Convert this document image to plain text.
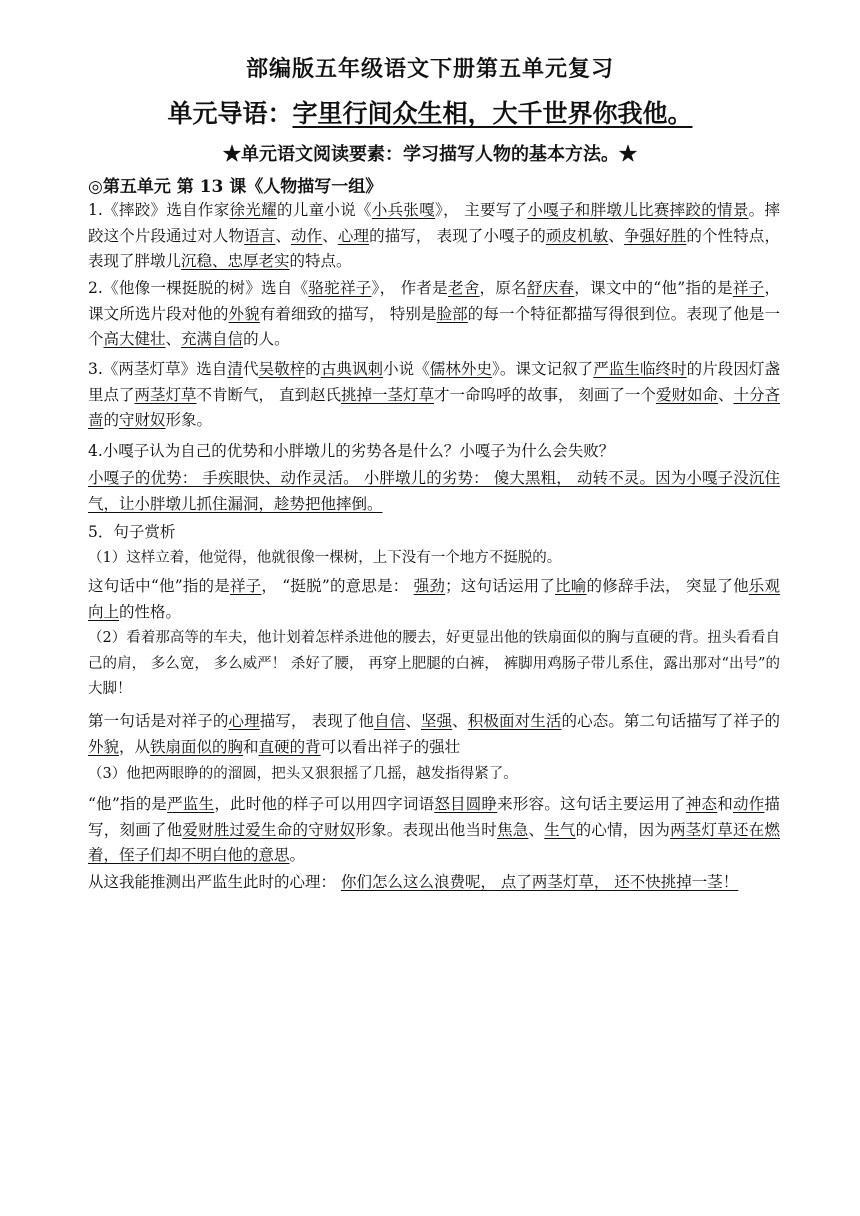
部编版五年级语文下册第五单元复习
单元导语：字里行间众生相，大千世界你我他。
★单元语文阅读要素：学习描写人物的基本方法。★
◎第五单元 第 13 课《人物描写一组》
1.《摔跤》选自作家徐光耀的儿童小说《小兵张嘎》， 主要写了小嘎子和胖墩儿比赛摔跤的情景。摔跤这个片段通过对人物语言、动作、心理的描写， 表现了小嘎子的顽皮机敏、争强好胜的个性特点，表现了胖墩儿沉稳、忠厚老实的特点。
2.《他像一棵挺脱的树》选自《骆驼祥子》， 作者是老舍，原名舒庆春，课文中的“他”指的是祥子，课文所选片段对他的外貌有着细致的描写， 特别是脸部的每一个特征都描写得很到位。表现了他是一个高大健壮、充满自信的人。
3.《两茎灯草》选自清代吴敬梓的古典讽刺小说《儒林外史》。课文记叙了严监生临终时的片段因灯盏里点了两茎灯草不肯断气， 直到赵氏挑掉一茎灯草才一命呜呼的故事， 刻画了一个爱财如命、十分吝啬的守财奴形象。
4.小嘎子认为自己的优势和小胖墩儿的劣势各是什么？小嘎子为什么会失败？
小嘎子的优势： 手疾眼快、动作灵活。 小胖墩儿的劣势： 傻大黑粗， 动转不灵。因为小嘎子没沉住气，让小胖墩儿抓住漏洞，趁势把他摔倒。
5．句子赏析
（1）这样立着，他觉得，他就很像一棵树，上下没有一个地方不挺脱的。
这句话中“他”指的是祥子， “挺脱”的意思是： 强劲；这句话运用了比喻的修辞手法， 突显了他乐观向上的性格。
（2）看着那高等的车夫，他计划着怎样杀进他的腰去，好更显出他的铁扇面似的胸与直硬的背。扭头看看自己的肩， 多么宽， 多么威严！ 杀好了腰， 再穿上肥腿的白裤， 裤脚用鸡肠子带儿系住，露出那对“出号”的大脚！
第一句话是对祥子的心理描写， 表现了他自信、坚强、积极面对生活的心态。第二句话描写了祥子的外貌，从铁扇面似的胸和直硬的背可以看出祥子的强壮
（3）他把两眼睁的的溜圆，把头又狠狠摇了几摇，越发指得紧了。
“他”指的是严监生，此时他的样子可以用四字词语怒目圆睁来形容。这句话主要运用了神态和动作描写，刻画了他爱财胜过爱生命的守财奴形象。表现出他当时焦急、生气的心情，因为两茎灯草还在燃着，侄子们却不明白他的意思。
从这我能推测出严监生此时的心理： 你们怎么这么浪费呢， 点了两茎灯草， 还不快挑掉一茎！
